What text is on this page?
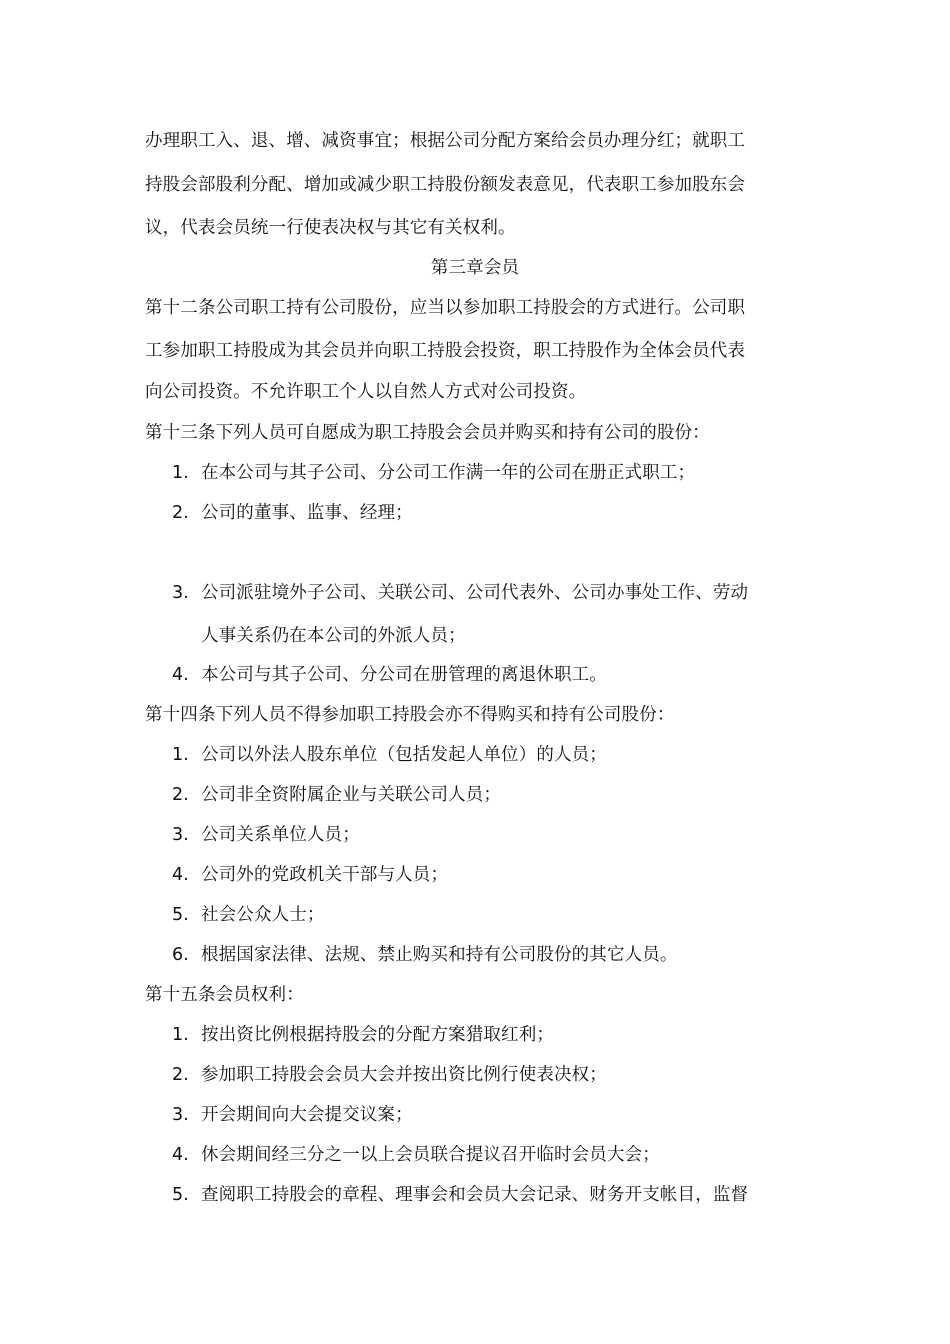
办理职工入、退、增、减资事宜；根据公司分配方案给会员办理分红；就职工
持股会部股利分配、增加或减少职工持股份额发表意见，代表职工参加股东会
议，代表会员统一行使表决权与其它有关权利。
第三章会员
第十二条公司职工持有公司股份，应当以参加职工持股会的方式进行。公司职
工参加职工持股成为其会员并向职工持股会投资，职工持股作为全体会员代表
向公司投资。不允许职工个人以自然人方式对公司投资。
第十三条下列人员可自愿成为职工持股会会员并购买和持有公司的股份：
1. 在本公司与其子公司、分公司工作满一年的公司在册正式职工；
2. 公司的董事、监事、经理；
3. 公司派驻境外子公司、关联公司、公司代表外、公司办事处工作、劳动
人事关系仍在本公司的外派人员；
4. 本公司与其子公司、分公司在册管理的离退休职工。
第十四条下列人员不得参加职工持股会亦不得购买和持有公司股份：
1. 公司以外法人股东单位（包括发起人单位）的人员；
2. 公司非全资附属企业与关联公司人员；
3. 公司关系单位人员；
4. 公司外的党政机关干部与人员；
5. 社会公众人士；
6. 根据国家法律、法规、禁止购买和持有公司股份的其它人员。
第十五条会员权利：
1. 按出资比例根据持股会的分配方案猎取红利；
2. 参加职工持股会会员大会并按出资比例行使表决权；
3. 开会期间向大会提交议案；
4. 休会期间经三分之一以上会员联合提议召开临时会员大会；
5. 查阅职工持股会的章程、理事会和会员大会记录、财务开支帐目，监督
